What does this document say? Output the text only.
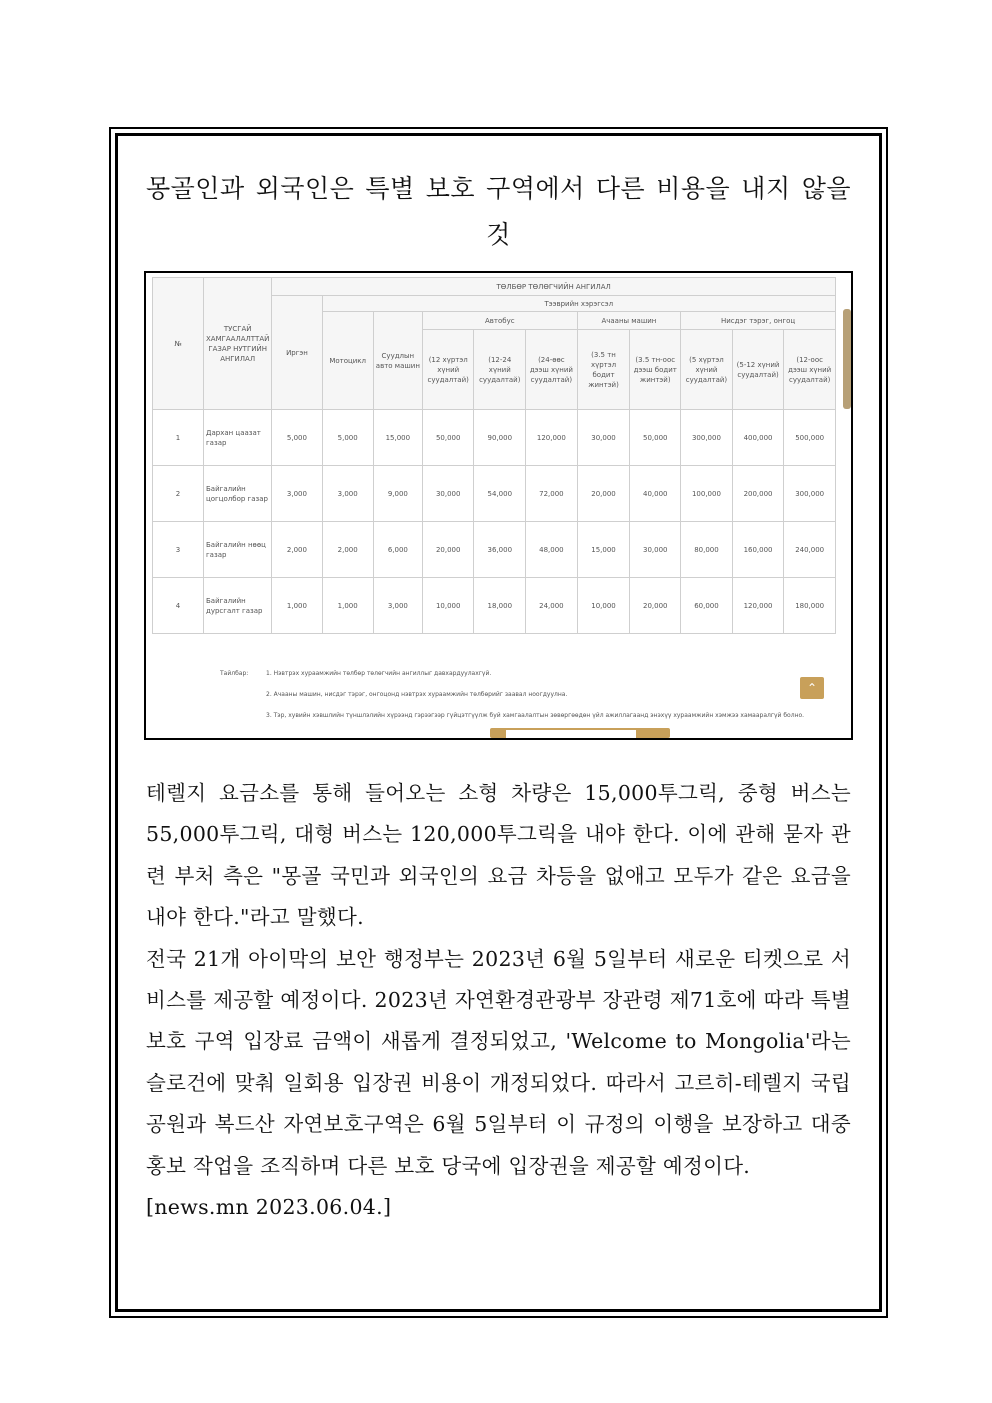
몽골인과 외국인은 특별 보호 구역에서 다른 비용을 내지 않을 것
№	ТУСГАЙ ХАМГААЛАЛТТАЙ ГАЗАР НУТГИЙН АНГИЛАЛ	ТӨЛБӨР ТӨЛӨГЧИЙН АНГИЛАЛ										
		Иргэн	Тээврийн хэрэгсэл									
			Мотоцикл	Суудлын авто машин	Автобус			Ачааны машин		Нисдэг тэрэг, онгоц		
					(12 хүртэл хүний суудалтай)	(12-24 хүний суудалтай)	(24-өөс дээш хүний суудалтай)	(3.5 тн хүртэл бодит жинтэй)	(3.5 тн-оос дээш бодит жинтэй)	(5 хүртэл хүний суудалтай)	(5-12 хүний суудалтай)	(12-оос дээш хүний суудалтай)
1	Дархан цаазат газар	5,000	5,000	15,000	50,000	90,000	120,000	30,000	50,000	300,000	400,000	500,000
2	Байгалийн цогцолбор газар	3,000	3,000	9,000	30,000	54,000	72,000	20,000	40,000	100,000	200,000	300,000
3	Байгалийн нөөц газар	2,000	2,000	6,000	20,000	36,000	48,000	15,000	30,000	80,000	160,000	240,000
4	Байгалийн дурсгалт газар	1,000	1,000	3,000	10,000	18,000	24,000	10,000	20,000	60,000	120,000	180,000
Тайлбар:	1. Нэвтрэх хураамжийн төлбөр төлөгчийн ангиллыг давхардуулахгүй.
2. Ачааны машин, нисдэг тэрэг, онгоцонд нэвтрэх хураамжийн төлбөрийг заавал ноогдуулна.
3. Тэр, хувийн хэвшлийн түншлэлийн хүрээнд гэрээгээр гүйцэтгүүлж буй хамгаалалтын зөвөргөөдөн үйл ажиллагаанд энэхүү хураамжийн хэмжээ хамааралгүй болно.
⌃

테렐지 요금소를 통해 들어오는 소형 차량은 15,000투그릭, 중형 버스는 55,000투그릭, 대형 버스는 120,000투그릭을 내야 한다. 이에 관해 묻자 관련 부처 측은 "몽골 국민과 외국인의 요금 차등을 없애고 모두가 같은 요금을 내야 한다."라고 말했다.

전국 21개 아이막의 보안 행정부는 2023년 6월 5일부터 새로운 티켓으로 서비스를 제공할 예정이다. 2023년 자연환경관광부 장관령 제71호에 따라 특별 보호 구역 입장료 금액이 새롭게 결정되었고, 'Welcome to Mongolia'라는 슬로건에 맞춰 일회용 입장권 비용이 개정되었다. 따라서 고르히-테렐지 국립공원과 복드산 자연보호구역은 6월 5일부터 이 규정의 이행을 보장하고 대중 홍보 작업을 조직하며 다른 보호 당국에 입장권을 제공할 예정이다.

[news.mn 2023.06.04.]
